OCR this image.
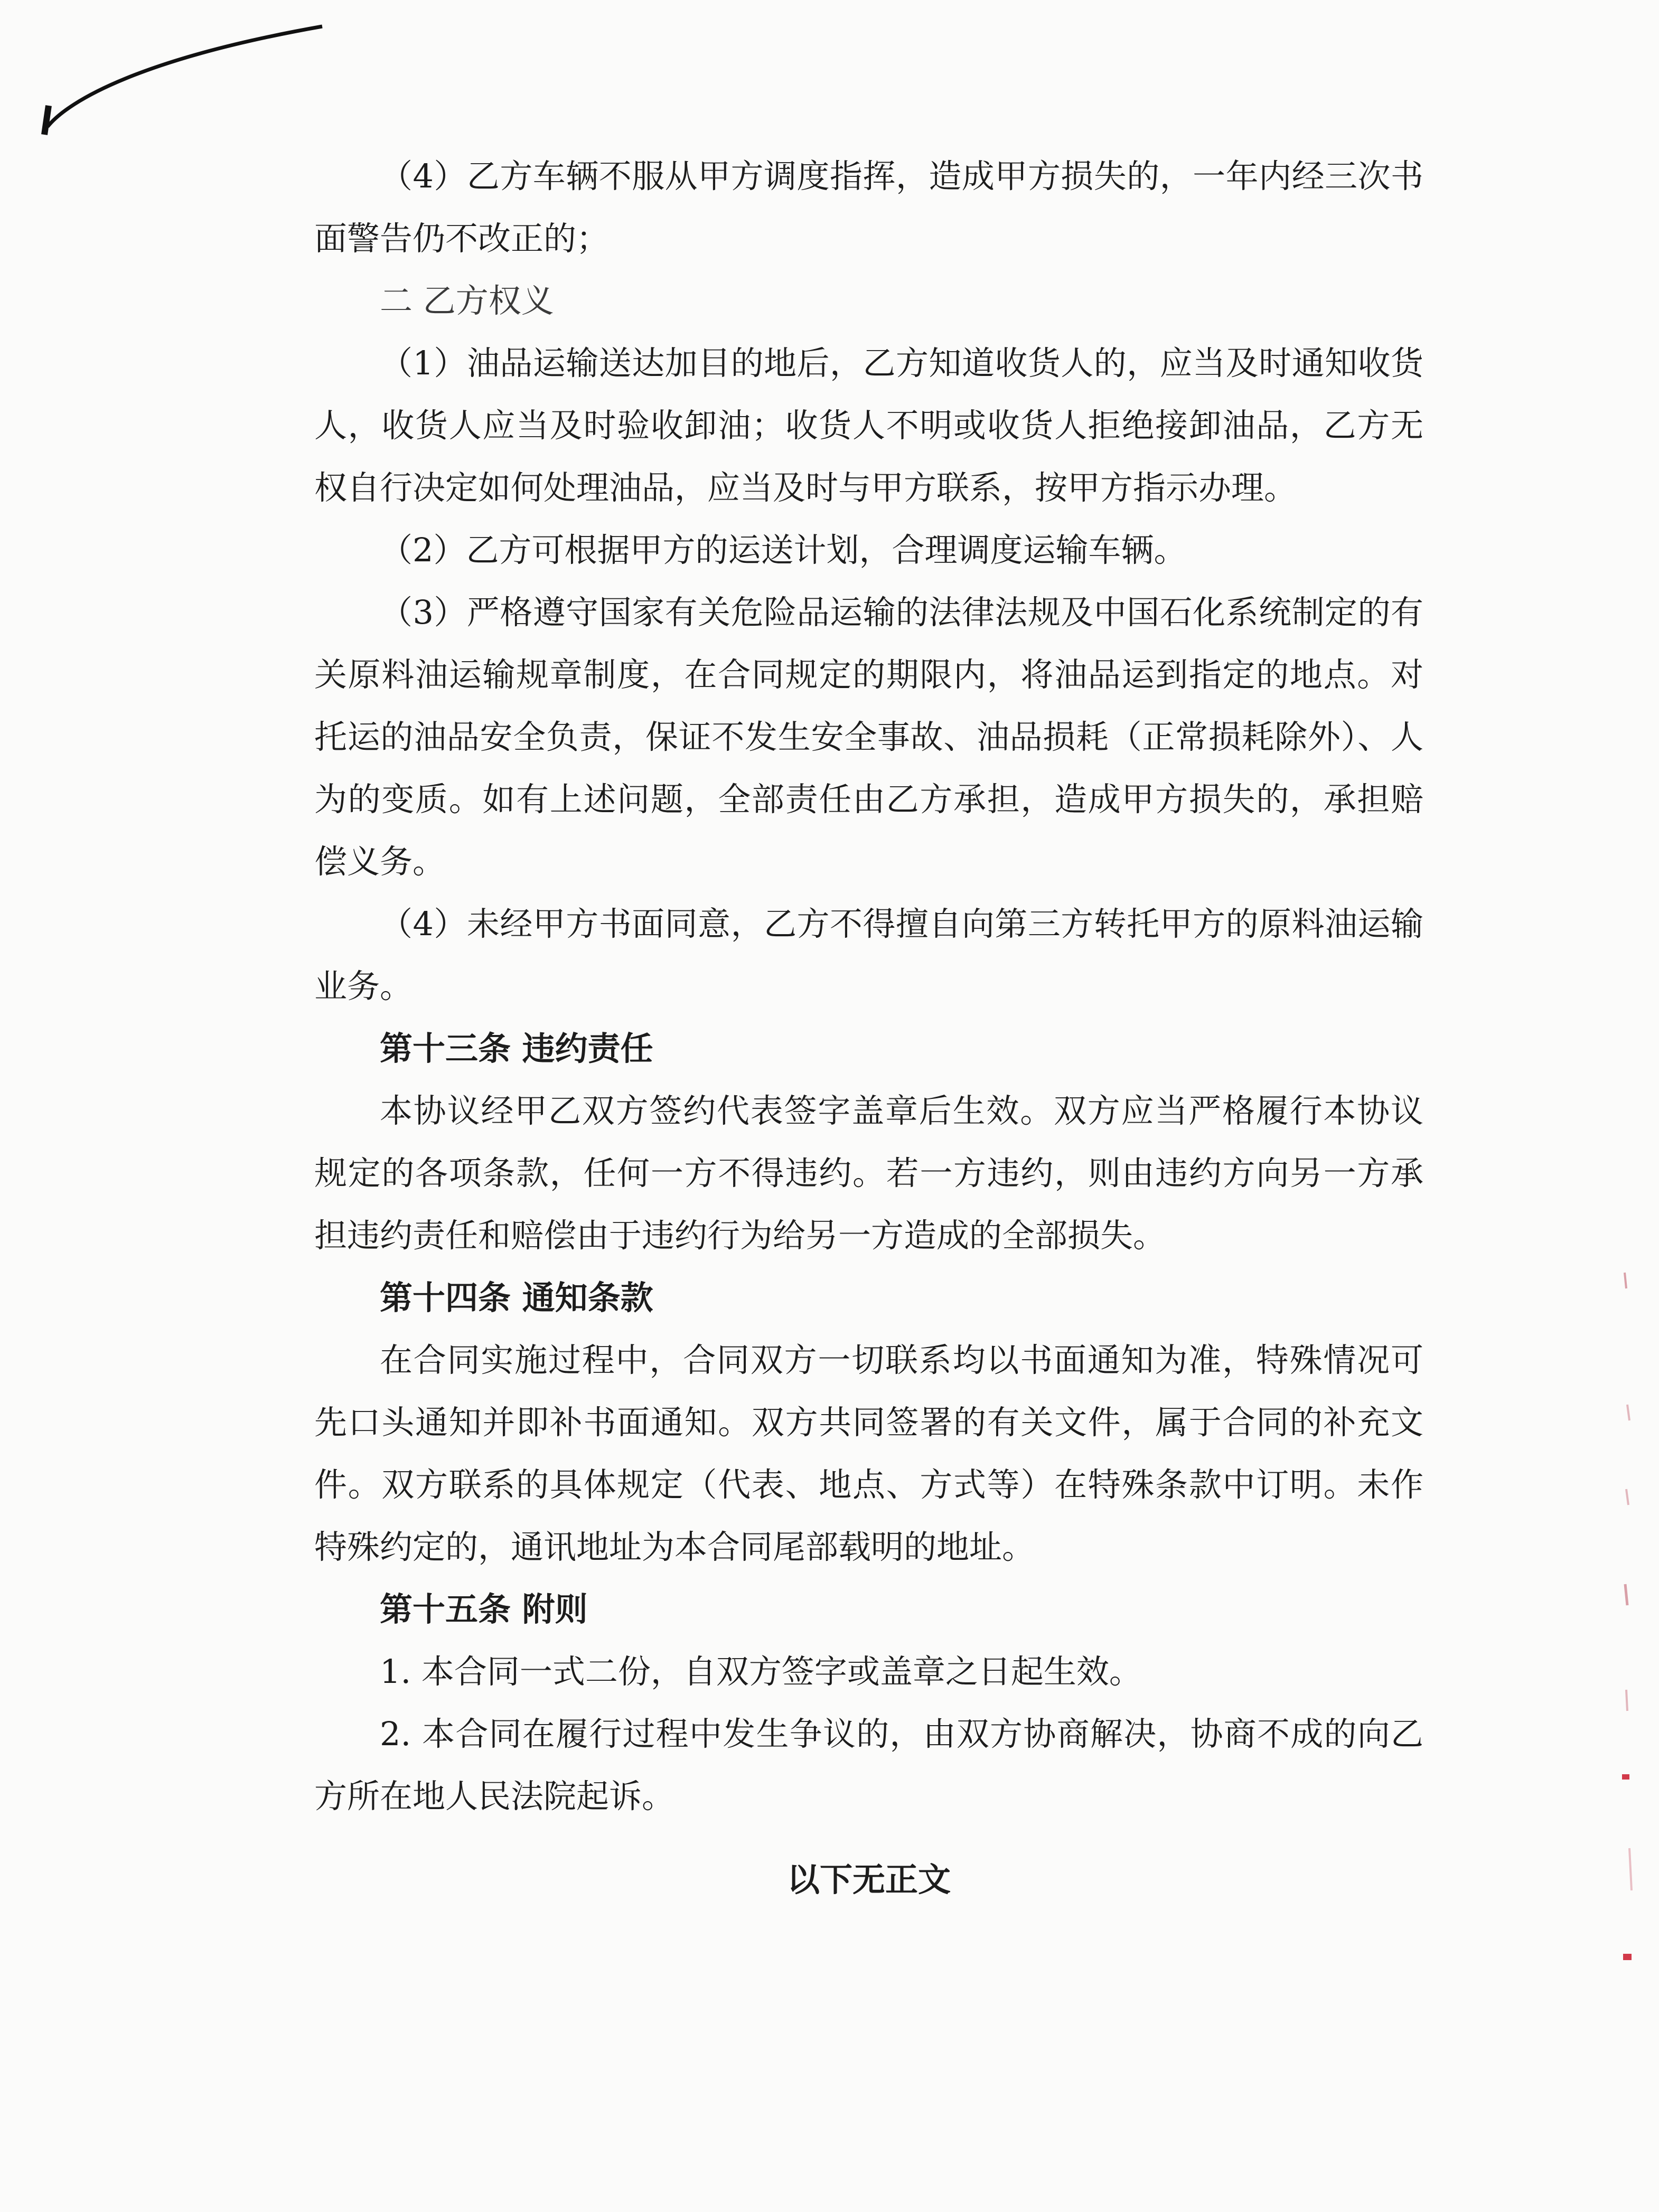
（4）乙方车辆不服从甲方调度指挥，造成甲方损失的，一年内经三次书面警告仍不改正的；

二 乙方权义

（1）油品运输送达加目的地后，乙方知道收货人的，应当及时通知收货人，收货人应当及时验收卸油；收货人不明或收货人拒绝接卸油品，乙方无权自行决定如何处理油品，应当及时与甲方联系，按甲方指示办理。

（2）乙方可根据甲方的运送计划，合理调度运输车辆。

（3）严格遵守国家有关危险品运输的法律法规及中国石化系统制定的有关原料油运输规章制度，在合同规定的期限内，将油品运到指定的地点。对托运的油品安全负责，保证不发生安全事故、油品损耗（正常损耗除外）、人为的变质。如有上述问题，全部责任由乙方承担，造成甲方损失的，承担赔偿义务。

（4）未经甲方书面同意，乙方不得擅自向第三方转托甲方的原料油运输业务。

第十三条 违约责任

本协议经甲乙双方签约代表签字盖章后生效。双方应当严格履行本协议规定的各项条款，任何一方不得违约。若一方违约，则由违约方向另一方承担违约责任和赔偿由于违约行为给另一方造成的全部损失。

第十四条 通知条款

在合同实施过程中，合同双方一切联系均以书面通知为准，特殊情况可先口头通知并即补书面通知。双方共同签署的有关文件，属于合同的补充文件。双方联系的具体规定（代表、地点、方式等）在特殊条款中订明。未作特殊约定的，通讯地址为本合同尾部载明的地址。

第十五条 附则

1. 本合同一式二份，自双方签字或盖章之日起生效。

2. 本合同在履行过程中发生争议的，由双方协商解决，协商不成的向乙方所在地人民法院起诉。

以下无正文
